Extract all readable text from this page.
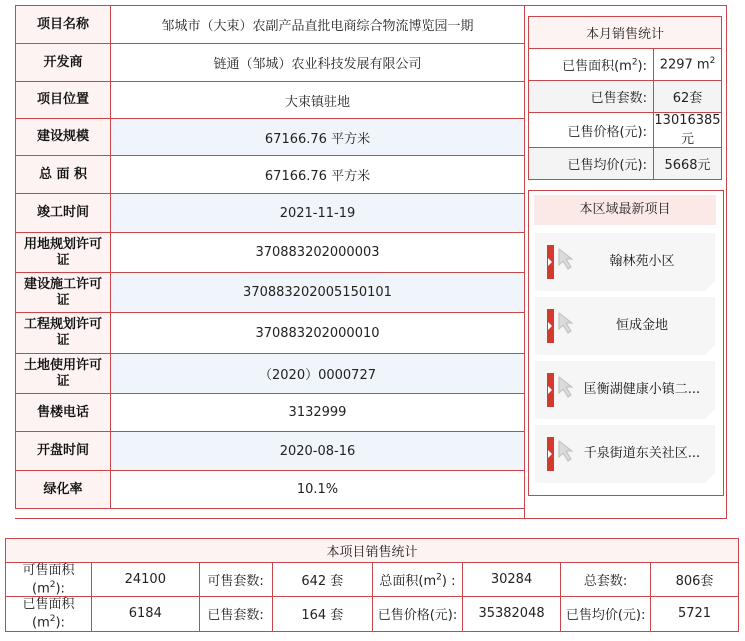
项目名称	邹城市（大束）农副产品直批电商综合物流博览园一期
开发商	链通（邹城）农业科技发展有限公司
项目位置	大束镇驻地
建设规模	67166.76 平方米
总 面 积	67166.76 平方米
竣工时间	2021-11-19
用地规划许可证	370883202000003
建设施工许可证	370883202005150101
工程规划许可证	370883202000010
土地使用许可证	（2020）0000727
售楼电话	3132999
开盘时间	2020-08-16
绿化率	10.1%
本月销售统计	
已售面积$(m^2)$:	2297 $m^2$
已售套数:	62套
已售价格(元):	13016385元
已售均价(元):	5668元
本区域最新项目
翰林苑小区
恒成金地
匡衡湖健康小镇二...
千泉街道东关社区...
本项目销售统计							
可售面积
$(m^2)$:	24100	可售套数:	642 套	总面积$(m^2)$ :	30284	总套数:	806套
已售面积
$(m^2)$:	6184	已售套数:	164 套	已售价格(元):	35382048	已售均价(元):	5721
